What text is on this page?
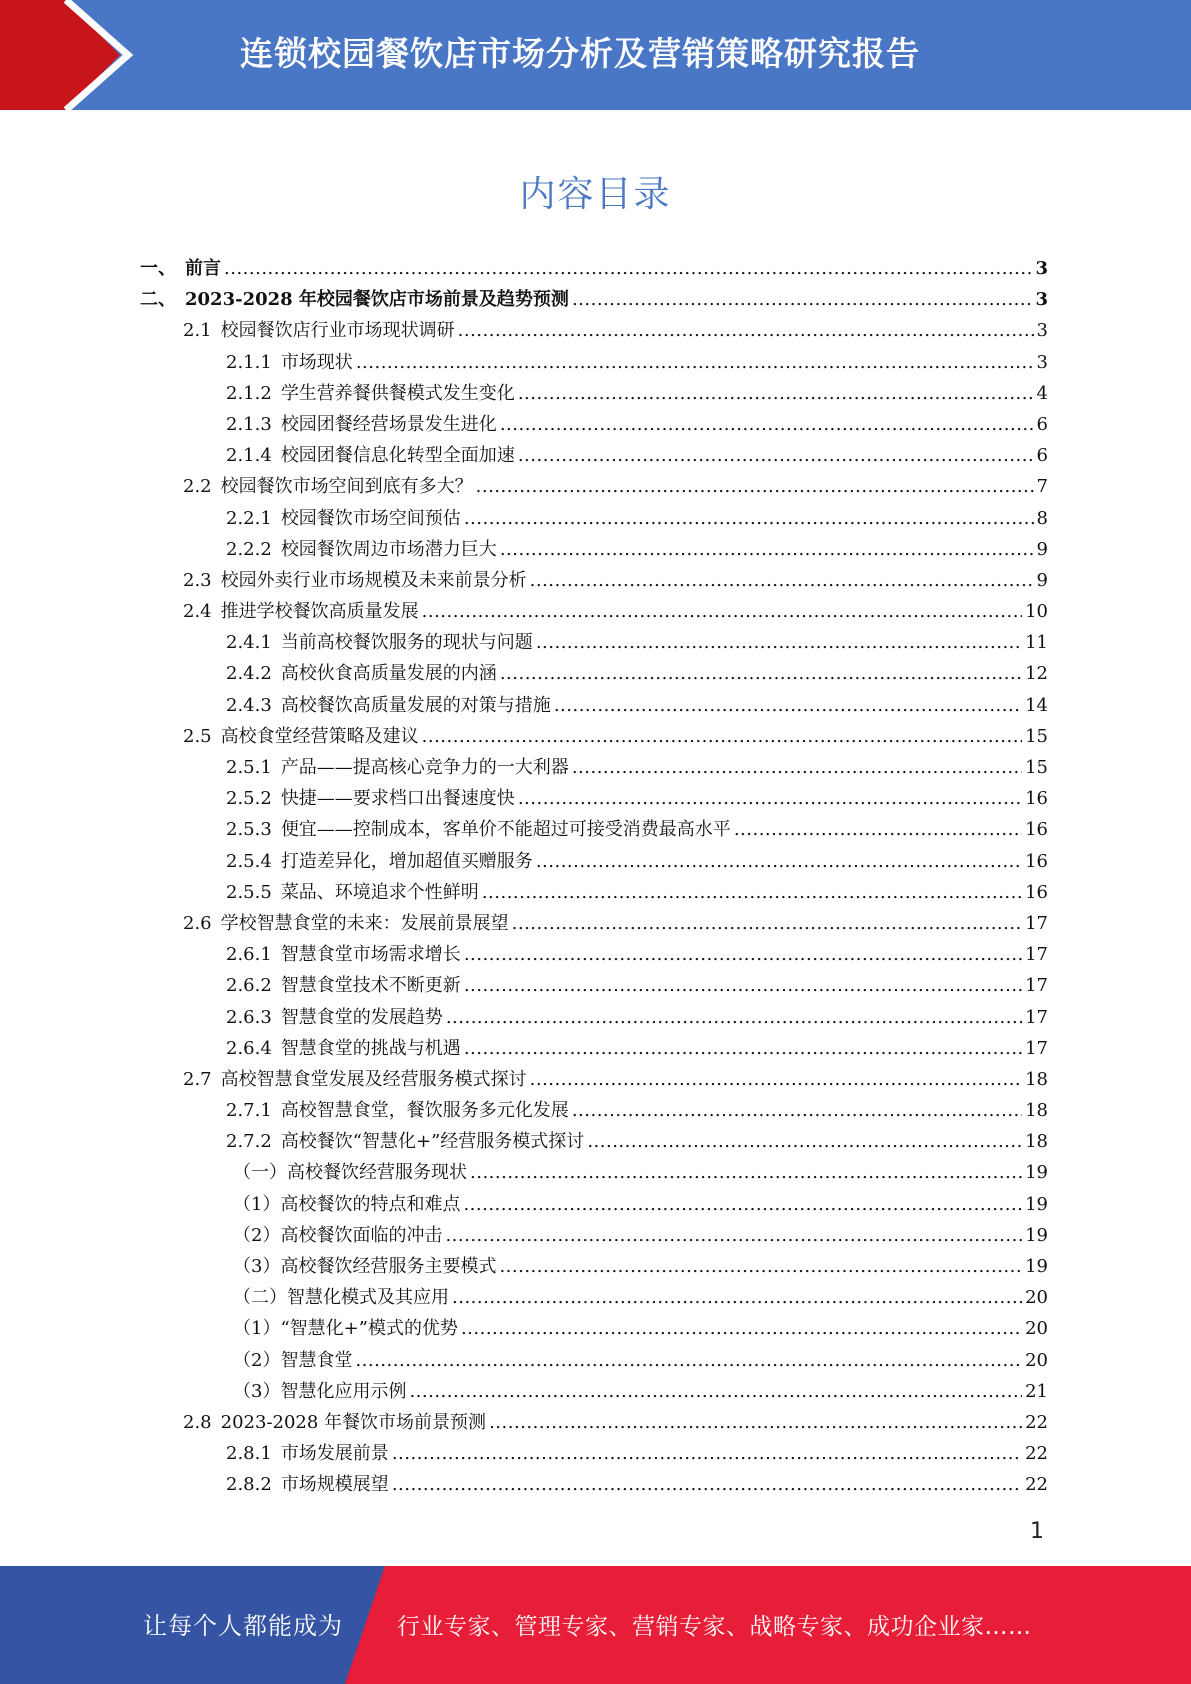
连锁校园餐饮店市场分析及营销策略研究报告
内容目录
一、 前言 .....	3
二、 2023-2028 年校园餐饮店市场前景及趋势预测 .....	3
2.1 校园餐饮店行业市场现状调研 .....	3
2.1.1 市场现状 .....	3
2.1.2 学生营养餐供餐模式发生变化 .....	4
2.1.3 校园团餐经营场景发生进化 .....	6
2.1.4 校园团餐信息化转型全面加速 .....	6
2.2 校园餐饮市场空间到底有多大？ .....	7
2.2.1 校园餐饮市场空间预估 .....	8
2.2.2 校园餐饮周边市场潜力巨大 .....	9
2.3 校园外卖行业市场规模及未来前景分析 .....	9
2.4 推进学校餐饮高质量发展 .....	10
2.4.1 当前高校餐饮服务的现状与问题 .....	11
2.4.2 高校伙食高质量发展的内涵 .....	12
2.4.3 高校餐饮高质量发展的对策与措施 .....	14
2.5 高校食堂经营策略及建议 .....	15
2.5.1 产品——提高核心竞争力的一大利器 .....	15
2.5.2 快捷——要求档口出餐速度快 .....	16
2.5.3 便宜——控制成本，客单价不能超过可接受消费最高水平 .....	16
2.5.4 打造差异化，增加超值买赠服务 .....	16
2.5.5 菜品、环境追求个性鲜明 .....	16
2.6 学校智慧食堂的未来：发展前景展望 .....	17
2.6.1 智慧食堂市场需求增长 .....	17
2.6.2 智慧食堂技术不断更新 .....	17
2.6.3 智慧食堂的发展趋势 .....	17
2.6.4 智慧食堂的挑战与机遇 .....	17
2.7 高校智慧食堂发展及经营服务模式探讨 .....	18
2.7.1 高校智慧食堂，餐饮服务多元化发展 .....	18
2.7.2 高校餐饮“智慧化+”经营服务模式探讨 .....	18
（一）高校餐饮经营服务现状 .....	19
（1）高校餐饮的特点和难点 .....	19
（2）高校餐饮面临的冲击 .....	19
（3）高校餐饮经营服务主要模式 .....	19
（二）智慧化模式及其应用 .....	20
（1）“智慧化+”模式的优势 .....	20
（2）智慧食堂 .....	20
（3）智慧化应用示例 .....	21
2.8 2023-2028 年餐饮市场前景预测 .....	22
2.8.1 市场发展前景 .....	22
2.8.2 市场规模展望 .....	22
1
让每个人都能成为 行业专家、管理专家、营销专家、战略专家、成功企业家……
